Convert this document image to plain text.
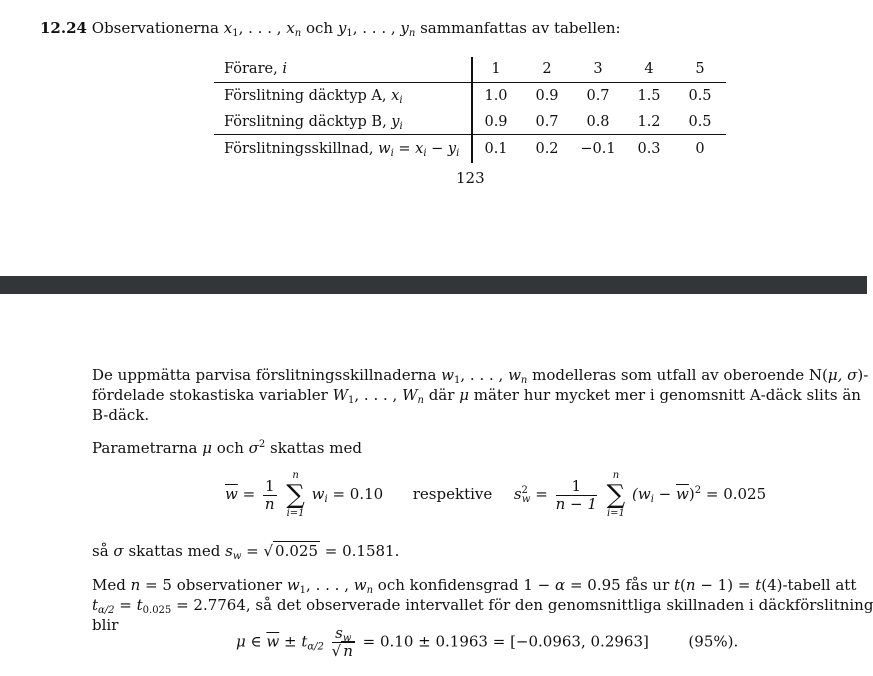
12.24 Observationerna $x_1$, . . . , $x_n$ och $y_1$, . . . , $y_n$ sammanfattas av tabellen:
Förare, i	1	2	3	4	5
Förslitning däcktyp A, $x_i$	1.0	0.9	0.7	1.5	0.5
Förslitning däcktyp B, $y_i$	0.9	0.7	0.8	1.2	0.5
Förslitningsskillnad, $w_i = x_i - y_i$	0.1	0.2	−0.1	0.3	0
123
De uppmätta parvisa förslitningsskillnaderna $w_1$, . . . , $w_n$ modelleras som utfall av oberoende N(μ, σ)-
fördelade stokastiska variabler $W_1$, . . . , $W_n$ där μ mäter hur mycket mer i genomsnitt A-däck slits än
B-däck.
Parametrarna μ och $\sigma^2$ skattas med
$\overline{w} = \frac{1}{n}$

n
∑
i=1
$w_i = 0.10$ respektive $s^2_w = \frac{1}{n - 1}$

n
∑
i=1
$(w_i - \overline{w})^2 = 0.025$
så σ skattas med $s_w$ = √ 0.025 = 0.1581.
Med n = 5 observationer $w_1$, . . . , $w_n$ och konfidensgrad 1 − α = 0.95 fås ur t(n − 1) = t(4)-tabell att
$t_{\alpha/2} = t_{0.025} = 2.7764$, så det observerade intervallet för den genomsnittliga skillnaden i däckförslitning
blir
μ ∈ $\overline{w} \pm t_{\alpha/2} \frac{s_w}{√ n} = 0.10 \pm 0.1963 = [-0.0963$, 0.2963]	(95%).
